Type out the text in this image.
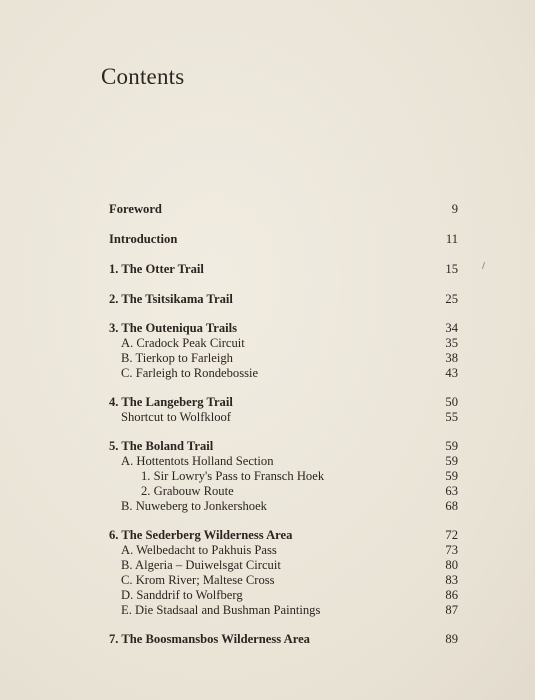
Contents
Foreword	9
Introduction	11
1. The Otter Trail	15
2. The Tsitsikama Trail	25
3. The Outeniqua Trails	34
A. Cradock Peak Circuit	35
B. Tierkop to Farleigh	38
C. Farleigh to Rondebossie	43
4. The Langeberg Trail	50
Shortcut to Wolfkloof	55
5. The Boland Trail	59
A. Hottentots Holland Section	59
1. Sir Lowry's Pass to Fransch Hoek	59
2. Grabouw Route	63
B. Nuweberg to Jonkershoek	68
6. The Sederberg Wilderness Area	72
A. Welbedacht to Pakhuis Pass	73
B. Algeria – Duiwelsgat Circuit	80
C. Krom River; Maltese Cross	83
D. Sanddrif to Wolfberg	86
E. Die Stadsaal and Bushman Paintings	87
7. The Boosmansbos Wilderness Area	89
